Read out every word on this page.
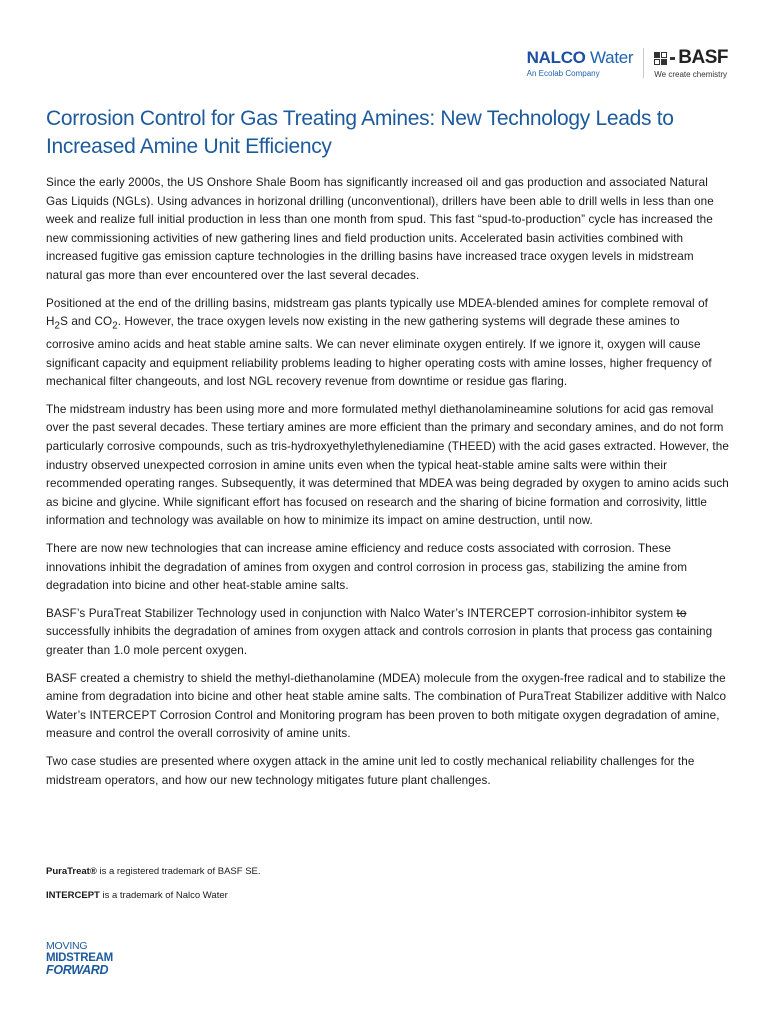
NALCO Water
An Ecolab Company
BASF
We create chemistry
Corrosion Control for Gas Treating Amines: New Technology Leads to Increased Amine Unit Efficiency

Since the early 2000s, the US Onshore Shale Boom has significantly increased oil and gas production and associated Natural Gas Liquids (NGLs). Using advances in horizonal drilling (unconventional), drillers have been able to drill wells in less than one week and realize full initial production in less than one month from spud. This fast “spud-to-production” cycle has increased the new commissioning activities of new gathering lines and field production units. Accelerated basin activities combined with increased fugitive gas emission capture technologies in the drilling basins have increased trace oxygen levels in midstream natural gas more than ever encountered over the last several decades.

Positioned at the end of the drilling basins, midstream gas plants typically use MDEA-blended amines for complete removal of $H_2S$ and $CO_2$. However, the trace oxygen levels now existing in the new gathering systems will degrade these amines to corrosive amino acids and heat stable amine salts. We can never eliminate oxygen entirely. If we ignore it, oxygen will cause significant capacity and equipment reliability problems leading to higher operating costs with amine losses, higher frequency of mechanical filter changeouts, and lost NGL recovery revenue from downtime or residue gas flaring.

The midstream industry has been using more and more formulated methyl diethanolamineamine solutions for acid gas removal over the past several decades. These tertiary amines are more efficient than the primary and secondary amines, and do not form particularly corrosive compounds, such as tris-hydroxyethylethylenediamine (THEED) with the acid gases extracted. However, the industry observed unexpected corrosion in amine units even when the typical heat-stable amine salts were within their recommended operating ranges. Subsequently, it was determined that MDEA was being degraded by oxygen to amino acids such as bicine and glycine. While significant effort has focused on research and the sharing of bicine formation and corrosivity, little information and technology was available on how to minimize its impact on amine destruction, until now.

There are now new technologies that can increase amine efficiency and reduce costs associated with corrosion. These innovations inhibit the degradation of amines from oxygen and control corrosion in process gas, stabilizing the amine from degradation into bicine and other heat-stable amine salts.

BASF’s PuraTreat Stabilizer Technology used in conjunction with Nalco Water’s INTERCEPT corrosion-inhibitor system to successfully inhibits the degradation of amines from oxygen attack and controls corrosion in plants that process gas containing greater than 1.0 mole percent oxygen.

BASF created a chemistry to shield the methyl-diethanolamine (MDEA) molecule from the oxygen-free radical and to stabilize the amine from degradation into bicine and other heat stable amine salts. The combination of PuraTreat Stabilizer additive with Nalco Water’s INTERCEPT Corrosion Control and Monitoring program has been proven to both mitigate oxygen degradation of amine, measure and control the overall corrosivity of amine units.

Two case studies are presented where oxygen attack in the amine unit led to costly mechanical reliability challenges for the midstream operators, and how our new technology mitigates future plant challenges.

PuraTreat® is a registered trademark of BASF SE.

INTERCEPT is a trademark of Nalco Water

MOVING
MIDSTREAM
FORWARD
